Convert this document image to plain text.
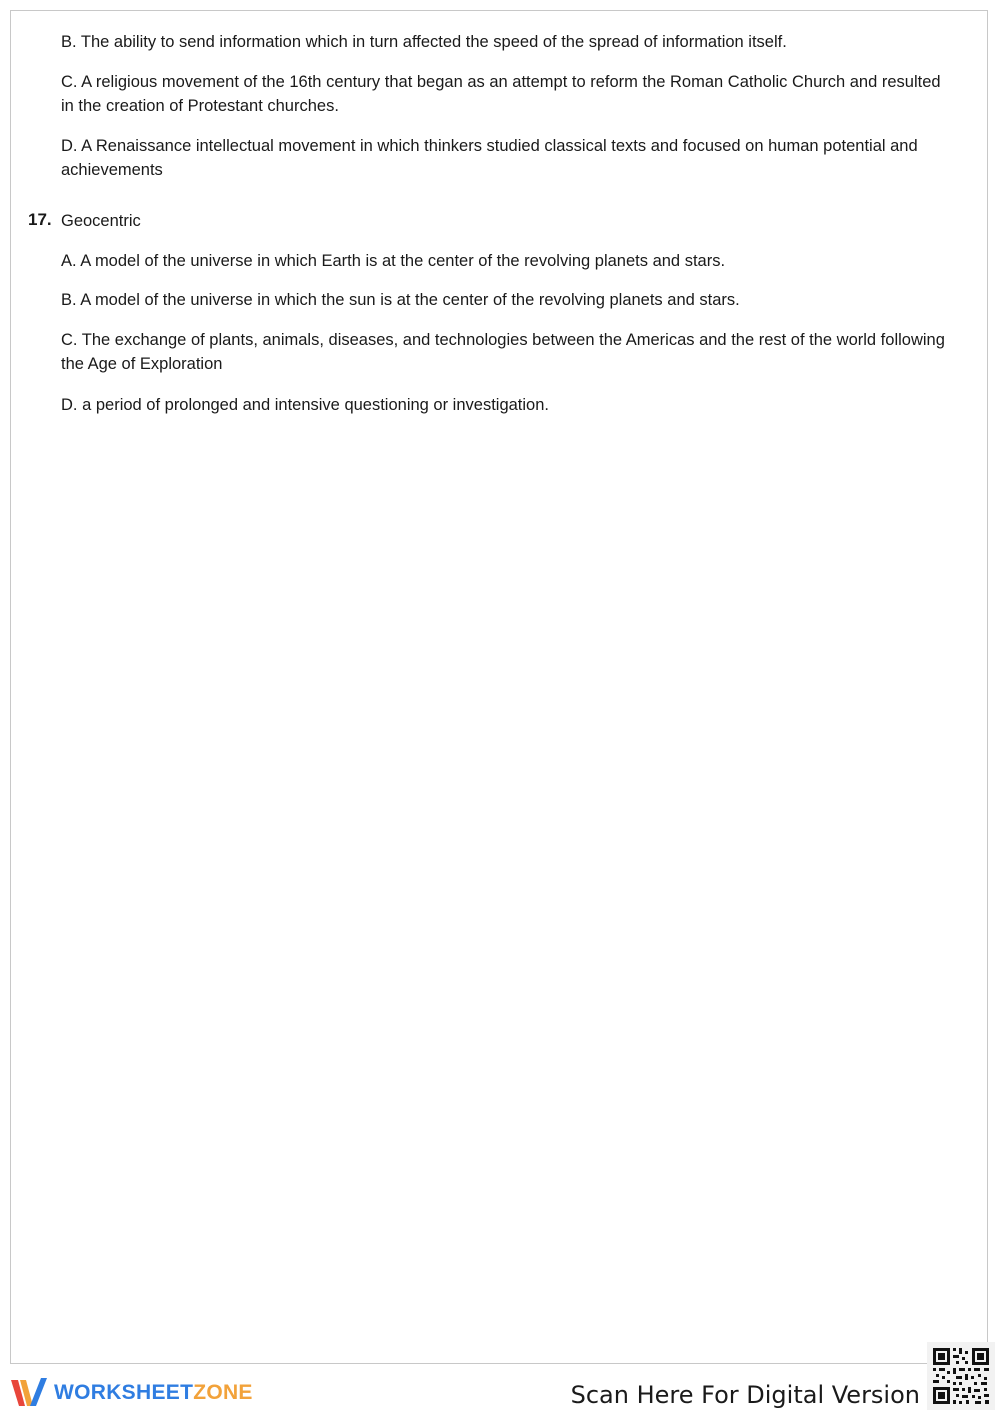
B. The ability to send information which in turn affected the speed of the spread of information itself.

C. A religious movement of the 16th century that began as an attempt to reform the Roman Catholic Church and resulted in the creation of Protestant churches.

D. A Renaissance intellectual movement in which thinkers studied classical texts and focused on human potential and achievements

17. Geocentric

A. A model of the universe in which Earth is at the center of the revolving planets and stars.

B. A model of the universe in which the sun is at the center of the revolving planets and stars.

C. The exchange of plants, animals, diseases, and technologies between the Americas and the rest of the world following the Age of Exploration

D. a period of prolonged and intensive questioning or investigation.

WORKSHEETZONE	Scan Here For Digital Version
